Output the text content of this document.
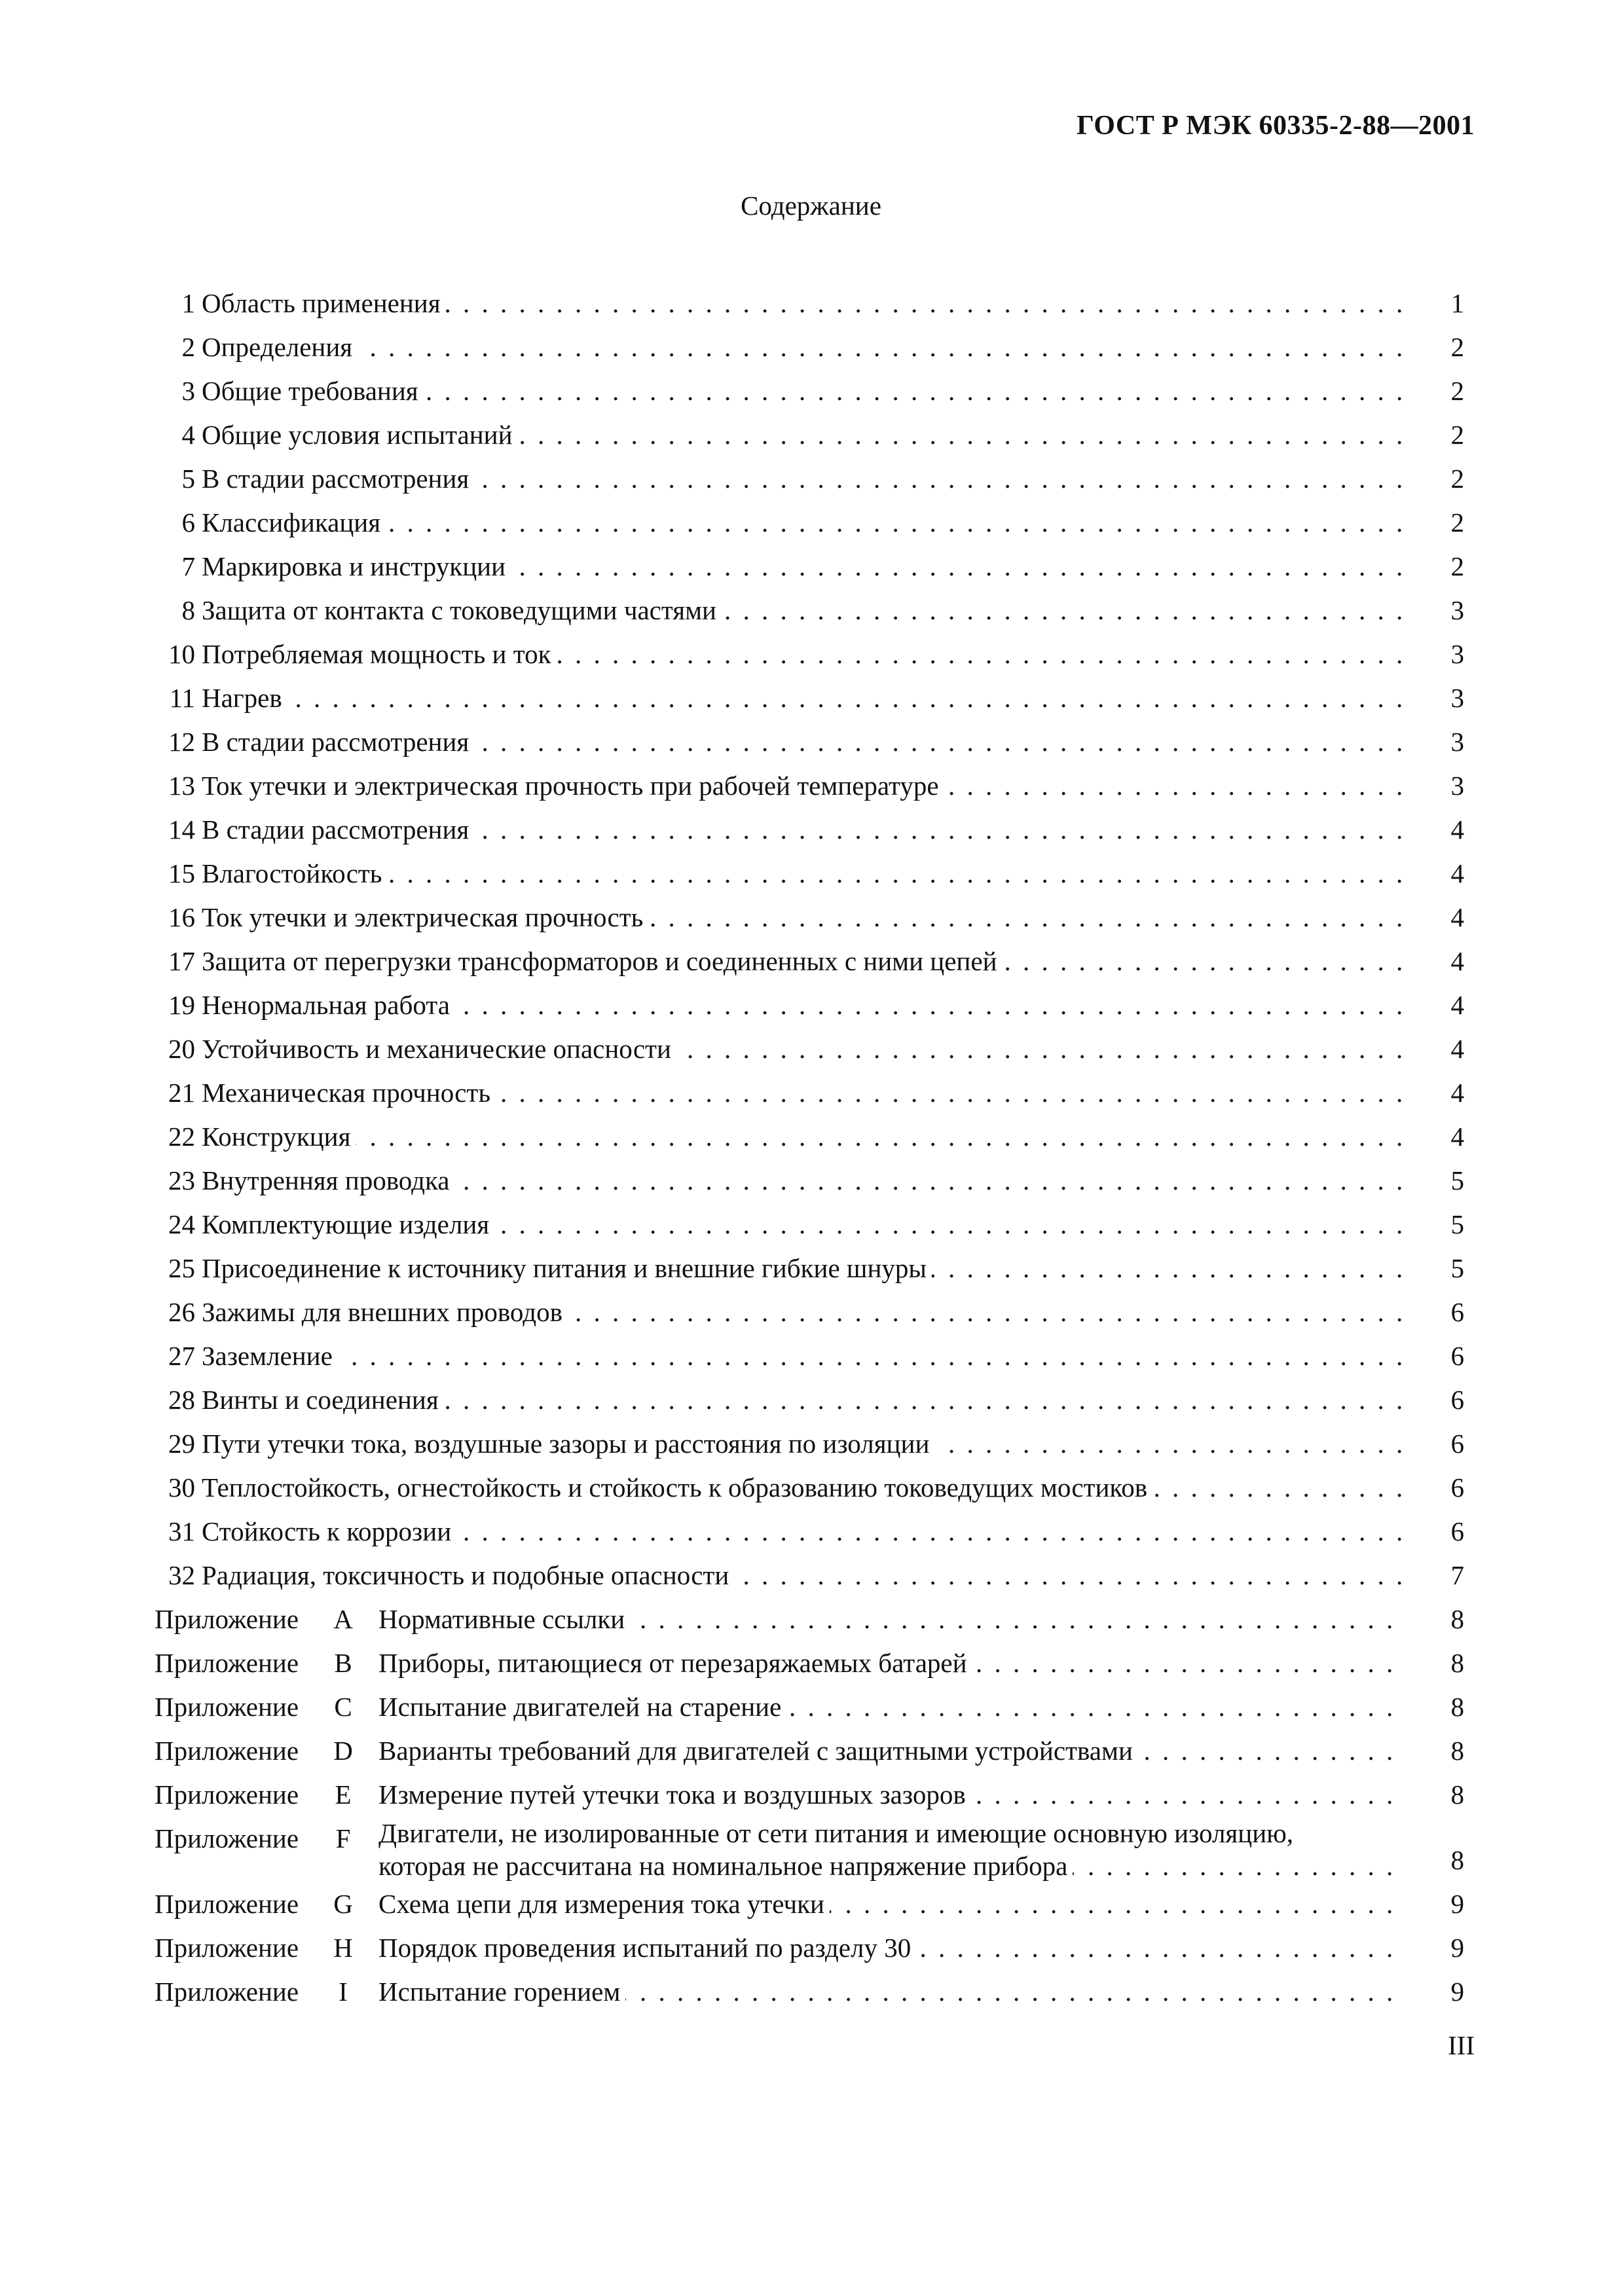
ГОСТ Р МЭК 60335-2-88—2001
Содержание
1 Область применения . . .	1
2 Определения . . .	2
3 Общие требования . . .	2
4 Общие условия испытаний . . .	2
5 В стадии рассмотрения . . .	2
6 Классификация . . .	2
7 Маркировка и инструкции . . .	2
8 Защита от контакта с токоведущими частями . . .	3
10 Потребляемая мощность и ток . . .	3
11 Нагрев . . .	3
12 В стадии рассмотрения . . .	3
13 Ток утечки и электрическая прочность при рабочей температуре . . .	3
14 В стадии рассмотрения . . .	4
15 Влагостойкость . . .	4
16 Ток утечки и электрическая прочность . . .	4
17 Защита от перегрузки трансформаторов и соединенных с ними цепей . . .	4
19 Ненормальная работа . . .	4
20 Устойчивость и механические опасности . . .	4
21 Механическая прочность . . .	4
22 Конструкция . . .	4
23 Внутренняя проводка . . .	5
24 Комплектующие изделия . . .	5
25 Присоединение к источнику питания и внешние гибкие шнуры . . .	5
26 Зажимы для внешних проводов . . .	6
27 Заземление . . .	6
28 Винты и соединения . . .	6
29 Пути утечки тока, воздушные зазоры и расстояния по изоляции . . .	6
30 Теплостойкость, огнестойкость и стойкость к образованию токоведущих мостиков . . .	6
31 Стойкость к коррозии . . .	6
32 Радиация, токсичность и подобные опасности . . .	7
Приложение A Нормативные ссылки . . .	8
Приложение B Приборы, питающиеся от перезаряжаемых батарей . . .	8
Приложение C Испытание двигателей на старение . . .	8
Приложение D Варианты требований для двигателей с защитными устройствами . . .	8
Приложение	E	Измерение путей утечки тока и воздушных зазоров . . .	8
Приложение	F	Двигатели, не изолированные от сети питания и имеющие основную изоляцию,
которая не рассчитана на номинальное напряжение прибора
. . .	8
Приложение G Схема цепи для измерения тока утечки . . .	9
Приложение H Порядок проведения испытаний по разделу 30 . . .	9
Приложение	I	Испытание горением . . .	9
III
